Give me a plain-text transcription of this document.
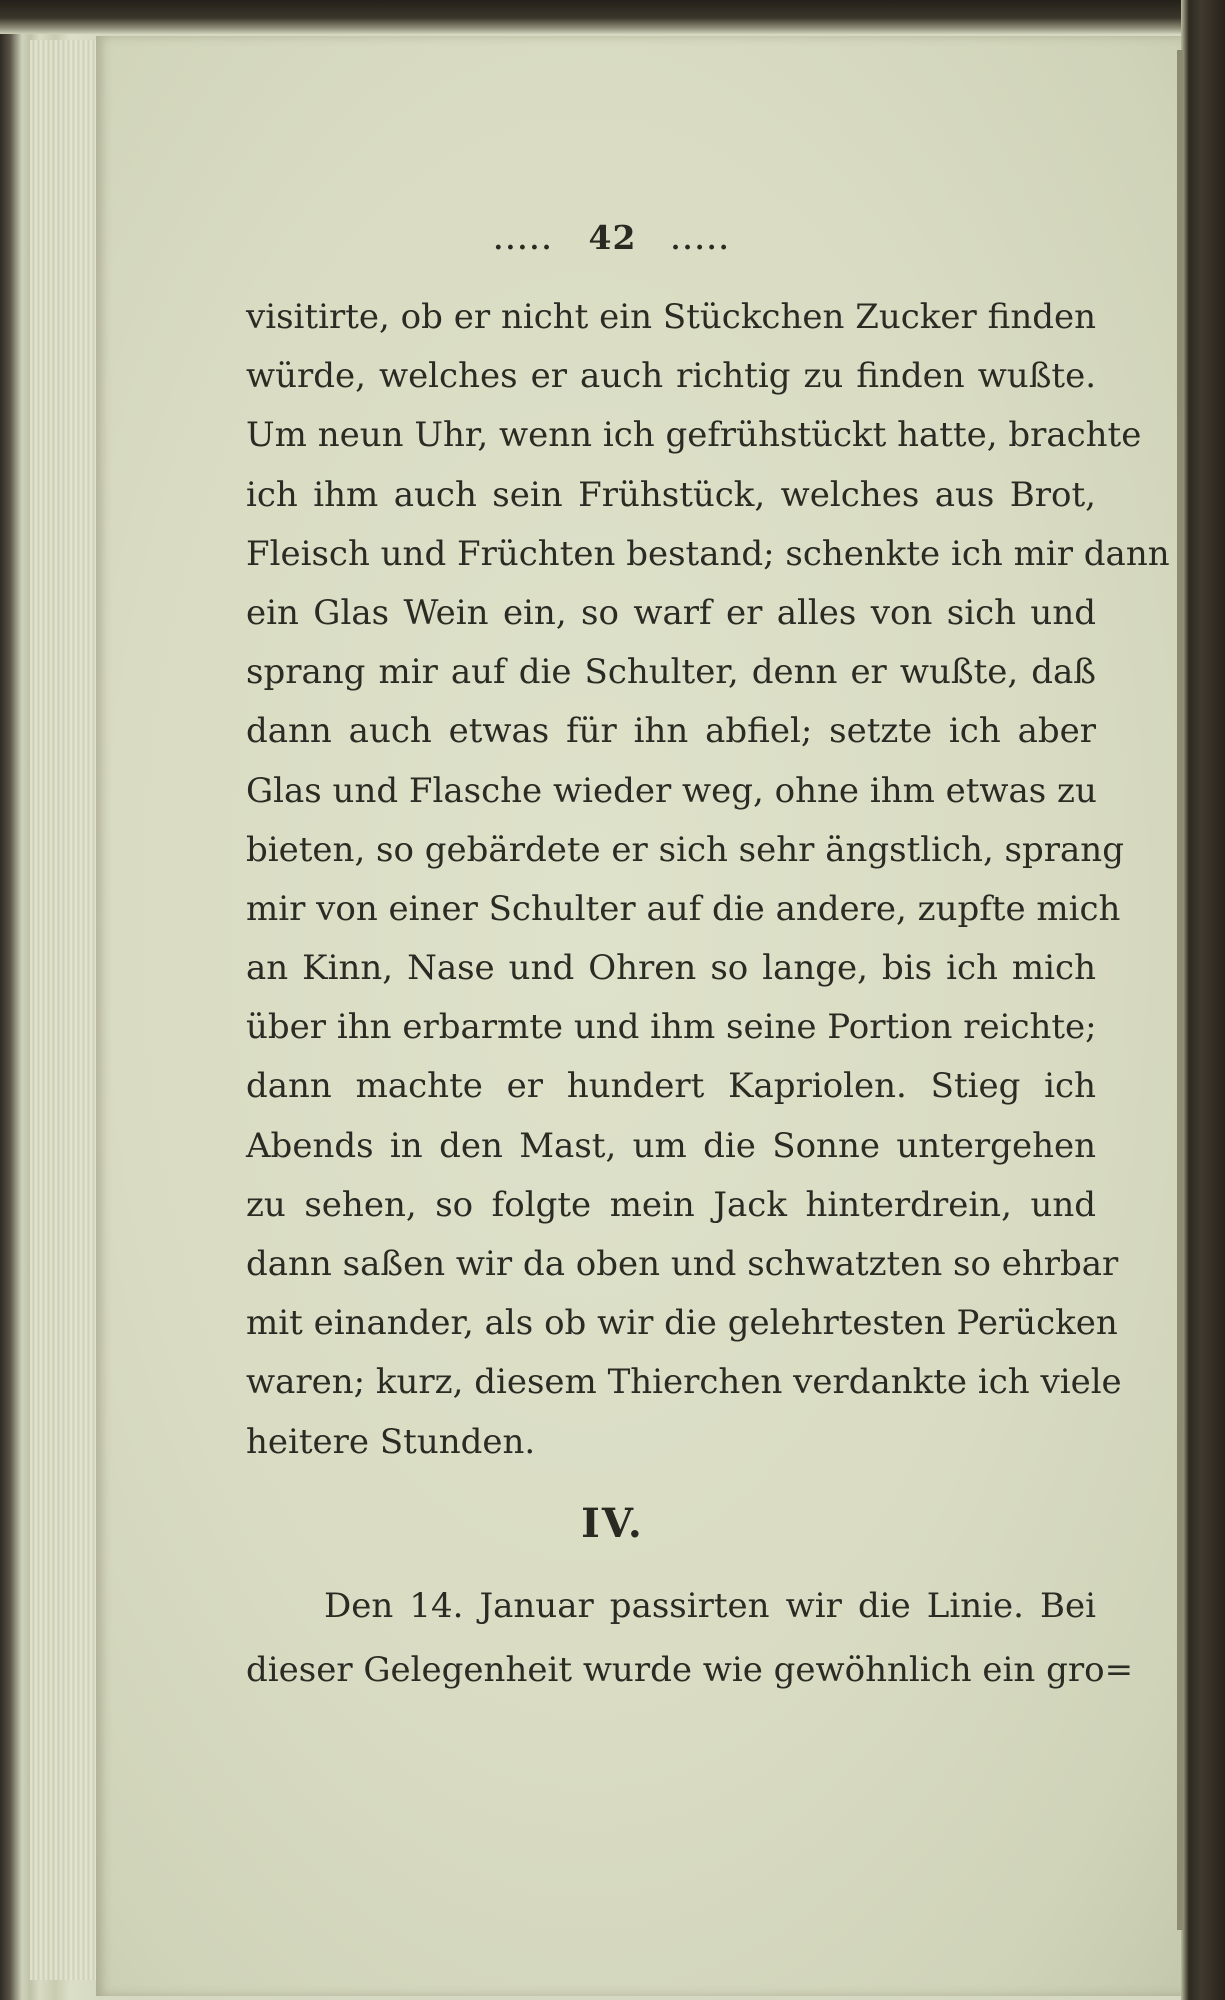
..... 42 .....
visitirte, ob er nicht ein Stückchen Zucker finden
würde, welches er auch richtig zu finden wußte.
Um neun Uhr, wenn ich gefrühstückt hatte, brachte
ich ihm auch sein Frühstück, welches aus Brot,
Fleisch und Früchten bestand; schenkte ich mir dann
ein Glas Wein ein, so warf er alles von sich und
sprang mir auf die Schulter, denn er wußte, daß
dann auch etwas für ihn abfiel; setzte ich aber
Glas und Flasche wieder weg, ohne ihm etwas zu
bieten, so gebärdete er sich sehr ängstlich, sprang
mir von einer Schulter auf die andere, zupfte mich
an Kinn, Nase und Ohren so lange, bis ich mich
über ihn erbarmte und ihm seine Portion reichte;
dann machte er hundert Kapriolen. Stieg ich
Abends in den Mast, um die Sonne untergehen
zu sehen, so folgte mein Jack hinterdrein, und
dann saßen wir da oben und schwatzten so ehrbar
mit einander, als ob wir die gelehrtesten Perücken
waren; kurz, diesem Thierchen verdankte ich viele
heitere Stunden.
IV.
Den 14. Januar passirten wir die Linie. Bei
dieser Gelegenheit wurde wie gewöhnlich ein gro=
